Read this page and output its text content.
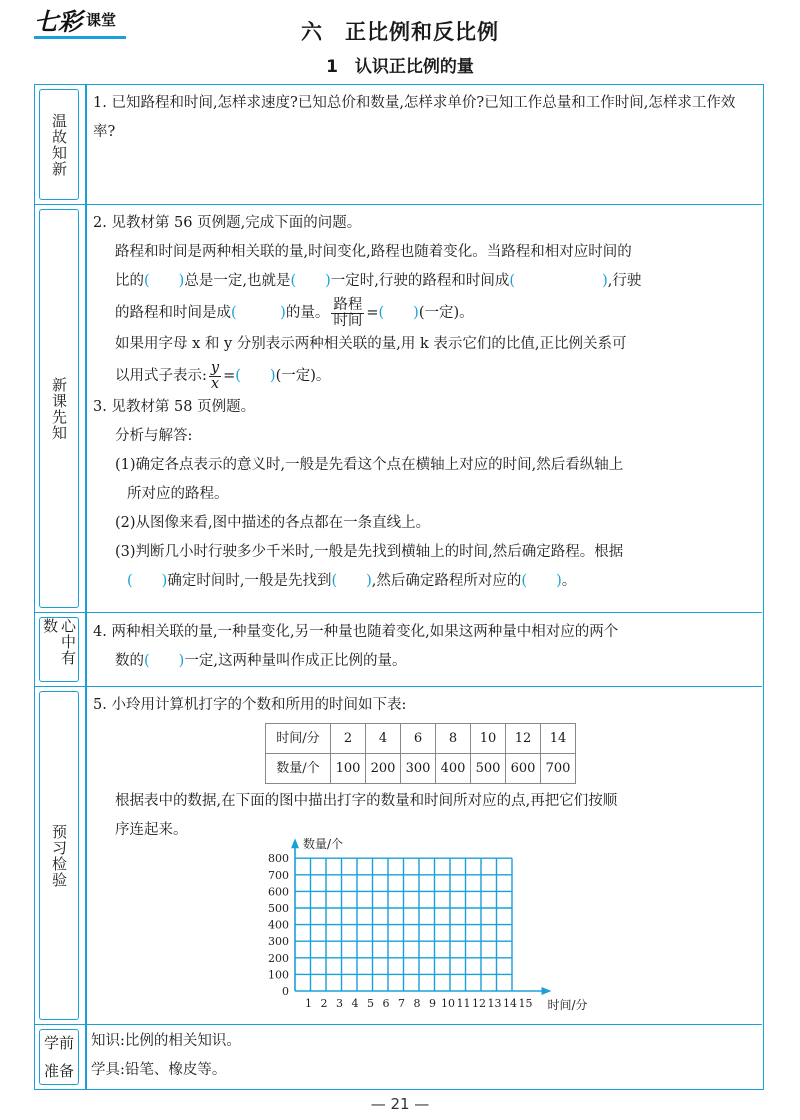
七彩 课堂
六　正比例和反比例
1　认识正比例的量
温故知新
1. 已知路程和时间,怎样求速度?已知总价和数量,怎样求单价?已知工作总量和工作时间,怎样求工作效率?
新课先知
2. 见教材第 56 页例题,完成下面的问题。
路程和时间是两种相关联的量,时间变化,路程也随着变化。当路程和相对应时间的
比的(   )总是一定,也就是(   )一定时,行驶的路程和时间成(      	),行驶
的路程和时间是成(   	)的量。 $\frac{\text{路程}}{\text{时间}}$ =(   )(一定)。
如果用字母 x 和 y 分别表示两种相关联的量,用 k 表示它们的比值,正比例关系可
以用式子表示: $\frac{y}{x}$ =(   )(一定)。
3. 见教材第 58 页例题。
分析与解答:
(1)确定各点表示的意义时,一般是先看这个点在横轴上对应的时间,然后看纵轴上
所对应的路程。
(2)从图像来看,图中描述的各点都在一条直线上。
(3)判断几小时行驶多少千米时,一般是先找到横轴上的时间,然后确定路程。根据
(   )确定时间时,一般是先找到(   ),然后确定路程所对应的(   )。
心中有数	4. 两种相关联的量,一种量变化,另一种量也随着变化,如果这两种量中相对应的两个
数的(   )一定,这两种量叫作成正比例的量。
预习检验
5. 小玲用计算机打字的个数和所用的时间如下表:
时间/分	2	4	6	8	10	12	14
数量/个	100	200	300	400	500	600	700
根据表中的数据,在下面的图中描出打字的数量和时间所对应的点,再把它们按顺
序连起来。
0
100
200
300
400
500
600
700
800
1 2 3 4 5 6 7 8 9 10 11 12 13 14 15
数量/个
时间/分
学前
准备
知识:比例的相关知识。
学具:铅笔、橡皮等。
— 21 —
